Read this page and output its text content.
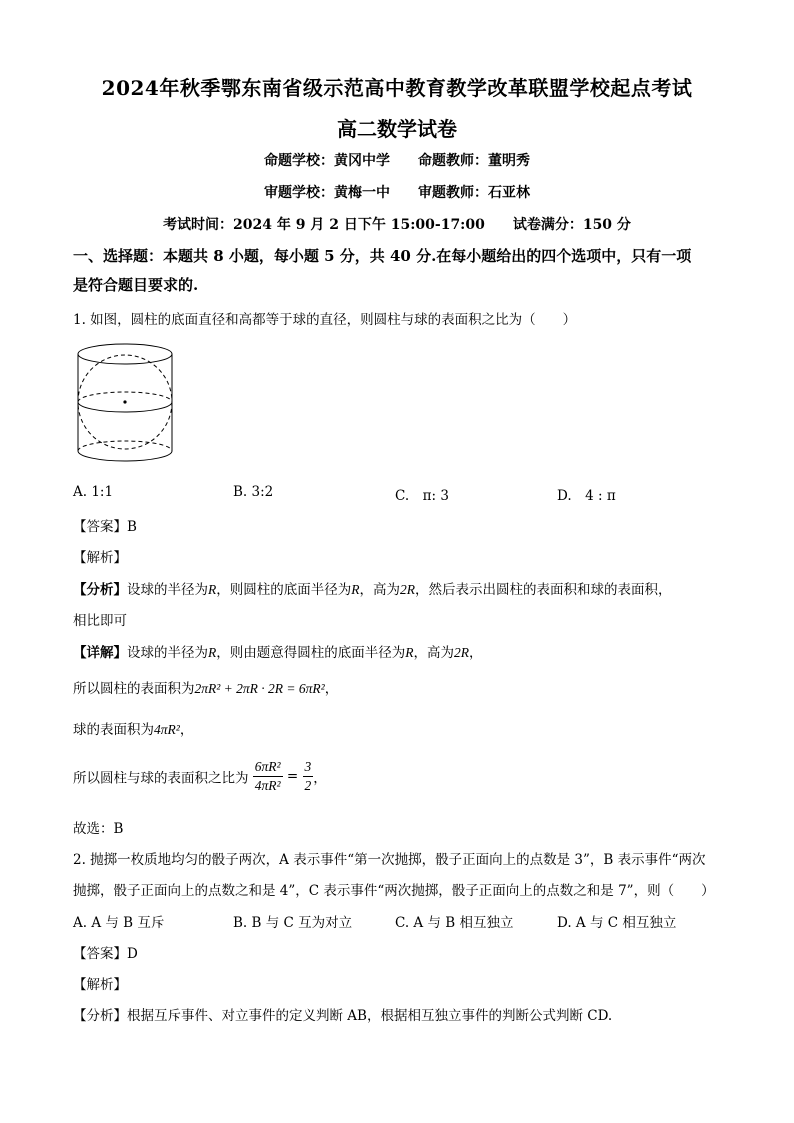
2024年秋季鄂东南省级示范高中教育教学改革联盟学校起点考试
高二数学试卷
命题学校：黄冈中学　　命题教师：董明秀
审题学校：黄梅一中　　审题教师：石亚林
考试时间：2024 年 9 月 2 日下午 15:00-17:00　　试卷满分：150 分
一、选择题：本题共 8 小题，每小题 5 分，共 40 分.在每小题给出的四个选项中，只有一项
是符合题目要求的.
1. 如图，圆柱的底面直径和高都等于球的直径，则圆柱与球的表面积之比为（　　）
A. 1:1	B. 3:2	C.　π: 3	D.　4 : π
【答案】B
【解析】
【分析】设球的半径为R，则圆柱的底面半径为R，高为2R，然后表示出圆柱的表面积和球的表面积，
相比即可
【详解】设球的半径为R，则由题意得圆柱的底面半径为R，高为2R，
所以圆柱的表面积为2πR² + 2πR · 2R = 6πR²，
球的表面积为4πR²，
所以圆柱与球的表面积之比为 $\frac{\text{6πR²}}{\text{4πR²}} = \frac{3}{2}$ ，
故选：B
2. 抛掷一枚质地均匀的骰子两次，A 表示事件“第一次抛掷，骰子正面向上的点数是 3”，B 表示事件“两次
抛掷，骰子正面向上的点数之和是 4”，C 表示事件“两次抛掷，骰子正面向上的点数之和是 7”，则（　　）
A. A 与 B 互斥	B. B 与 C 互为对立	C. A 与 B 相互独立	D. A 与 C 相互独立
【答案】D
【解析】
【分析】根据互斥事件、对立事件的定义判断 AB，根据相互独立事件的判断公式判断 CD.
